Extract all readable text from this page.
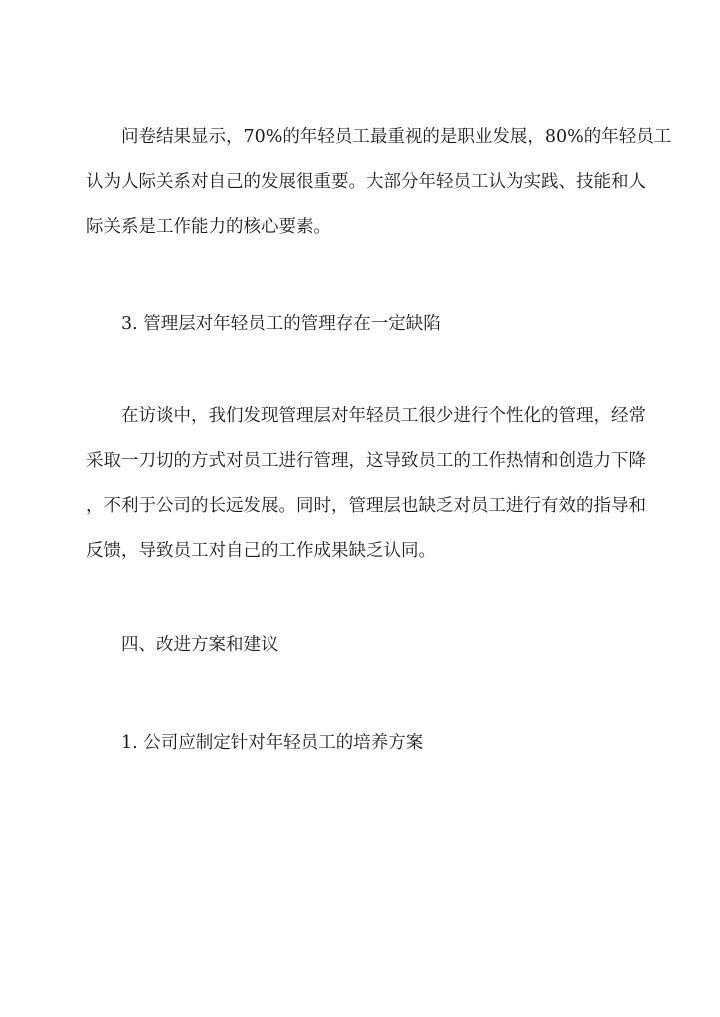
问卷结果显示，70%的年轻员工最重视的是职业发展，80%的年轻员工
认为人际关系对自己的发展很重要。大部分年轻员工认为实践、技能和人
际关系是工作能力的核心要素。

3. 管理层对年轻员工的管理存在一定缺陷

在访谈中，我们发现管理层对年轻员工很少进行个性化的管理，经常
采取一刀切的方式对员工进行管理，这导致员工的工作热情和创造力下降
，不利于公司的长远发展。同时，管理层也缺乏对员工进行有效的指导和
反馈，导致员工对自己的工作成果缺乏认同。

四、改进方案和建议

1. 公司应制定针对年轻员工的培养方案
